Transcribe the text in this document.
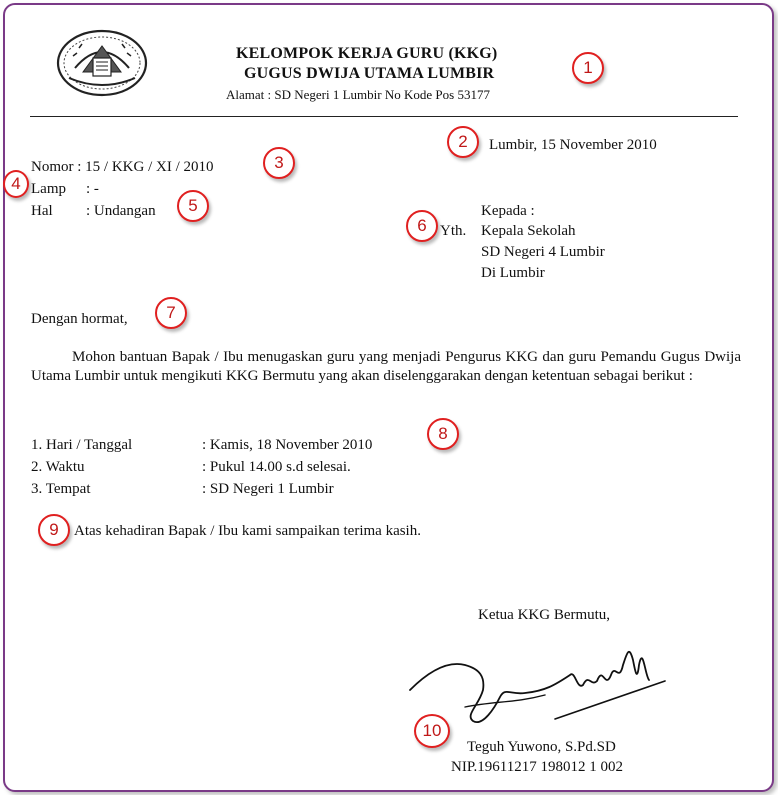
KELOMPOK KERJA GURU (KKG)
GUGUS DWIJA UTAMA LUMBIR
Alamat : SD Negeri 1 Lumbir No Kode Pos 53177
Lumbir, 15 November 2010
Nomor : 15 / KKG / XI / 2010
Lamp : -
Hal : Undangan	Kepada :
Yth. Kepala Sekolah
SD Negeri 4 Lumbir
Di Lumbir
Dengan hormat,
Mohon bantuan Bapak / Ibu menugaskan guru yang menjadi Pengurus KKG dan guru Pemandu Gugus Dwija Utama Lumbir untuk mengikuti KKG Bermutu yang akan diselenggarakan dengan ketentuan sebagai berikut :
1. Hari / Tanggal	: Kamis, 18 November 2010
2. Waktu	: Pukul 14.00 s.d selesai.
3. Tempat	: SD Negeri 1 Lumbir
Atas kehadiran Bapak / Ibu kami sampaikan terima kasih.
Ketua KKG Bermutu,
Teguh Yuwono, S.Pd.SD
NIP.19611217 198012 1 002
1
2
3
4
5
6
7
8
9
10
